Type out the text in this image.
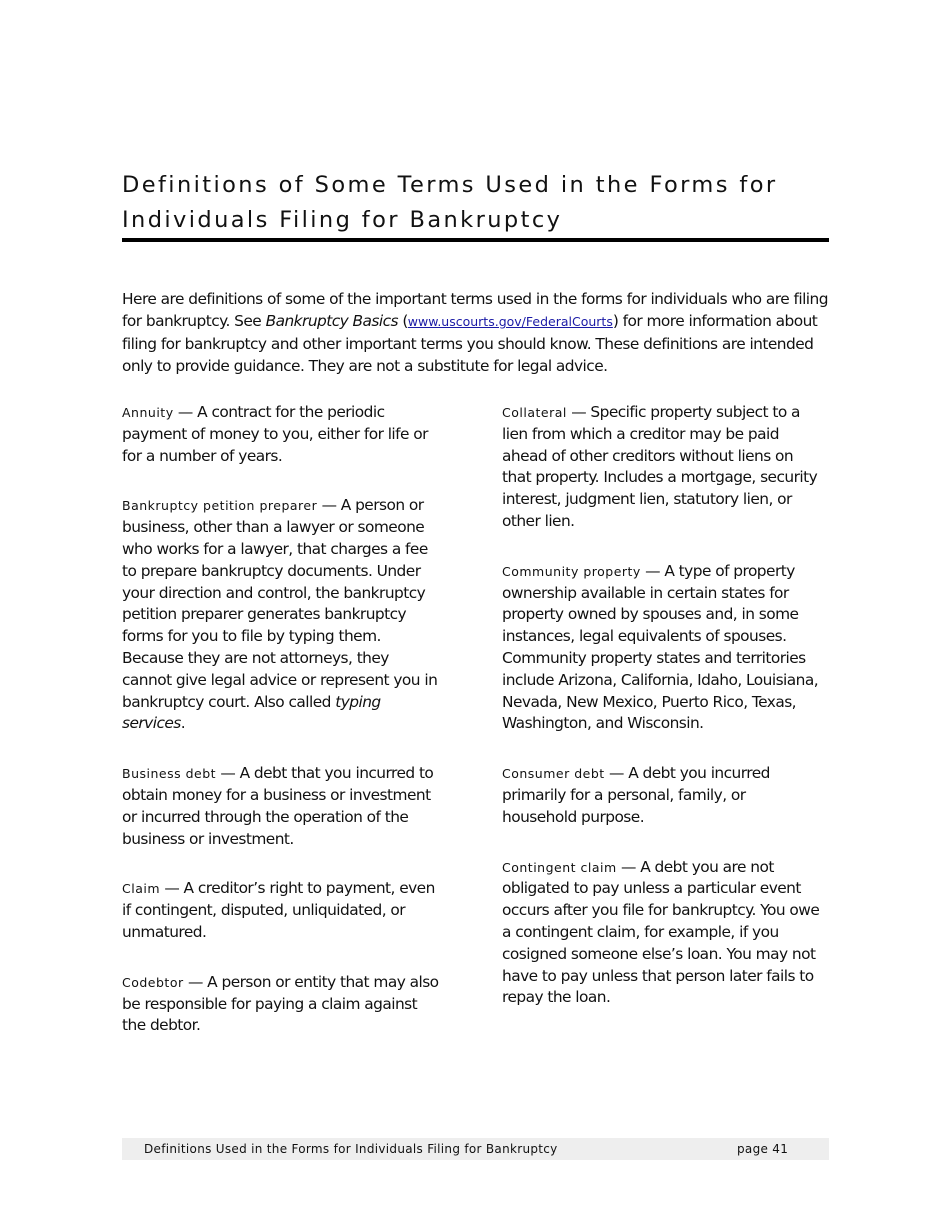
Definitions of Some Terms Used in the Forms for Individuals Filing for Bankruptcy

Here are definitions of some of the important terms used in the forms for individuals who are filing for bankruptcy. See Bankruptcy Basics (www.uscourts.gov/FederalCourts) for more information about filing for bankruptcy and other important terms you should know. These definitions are intended only to provide guidance. They are not a substitute for legal advice.

Annuity — A contract for the periodic payment of money to you, either for life or for a number of years.

Bankruptcy petition preparer — A person or business, other than a lawyer or someone who works for a lawyer, that charges a fee to prepare bankruptcy documents. Under your direction and control, the bankruptcy petition preparer generates bankruptcy forms for you to file by typing them. Because they are not attorneys, they cannot give legal advice or represent you in bankruptcy court. Also called typing services.

Business debt — A debt that you incurred to obtain money for a business or investment or incurred through the operation of the business or investment.

Claim — A creditor’s right to payment, even if contingent, disputed, unliquidated, or unmatured.

Codebtor — A person or entity that may also be responsible for paying a claim against the debtor.

Collateral — Specific property subject to a lien from which a creditor may be paid ahead of other creditors without liens on that property. Includes a mortgage, security interest, judgment lien, statutory lien, or other lien.

Community property — A type of property ownership available in certain states for property owned by spouses and, in some instances, legal equivalents of spouses. Community property states and territories include Arizona, California, Idaho, Louisiana, Nevada, New Mexico, Puerto Rico, Texas, Washington, and Wisconsin.

Consumer debt — A debt you incurred primarily for a personal, family, or household purpose.

Contingent claim — A debt you are not obligated to pay unless a particular event occurs after you file for bankruptcy. You owe a contingent claim, for example, if you cosigned someone else’s loan. You may not have to pay unless that person later fails to repay the loan.

Definitions Used in the Forms for Individuals Filing for Bankruptcy	page 41
